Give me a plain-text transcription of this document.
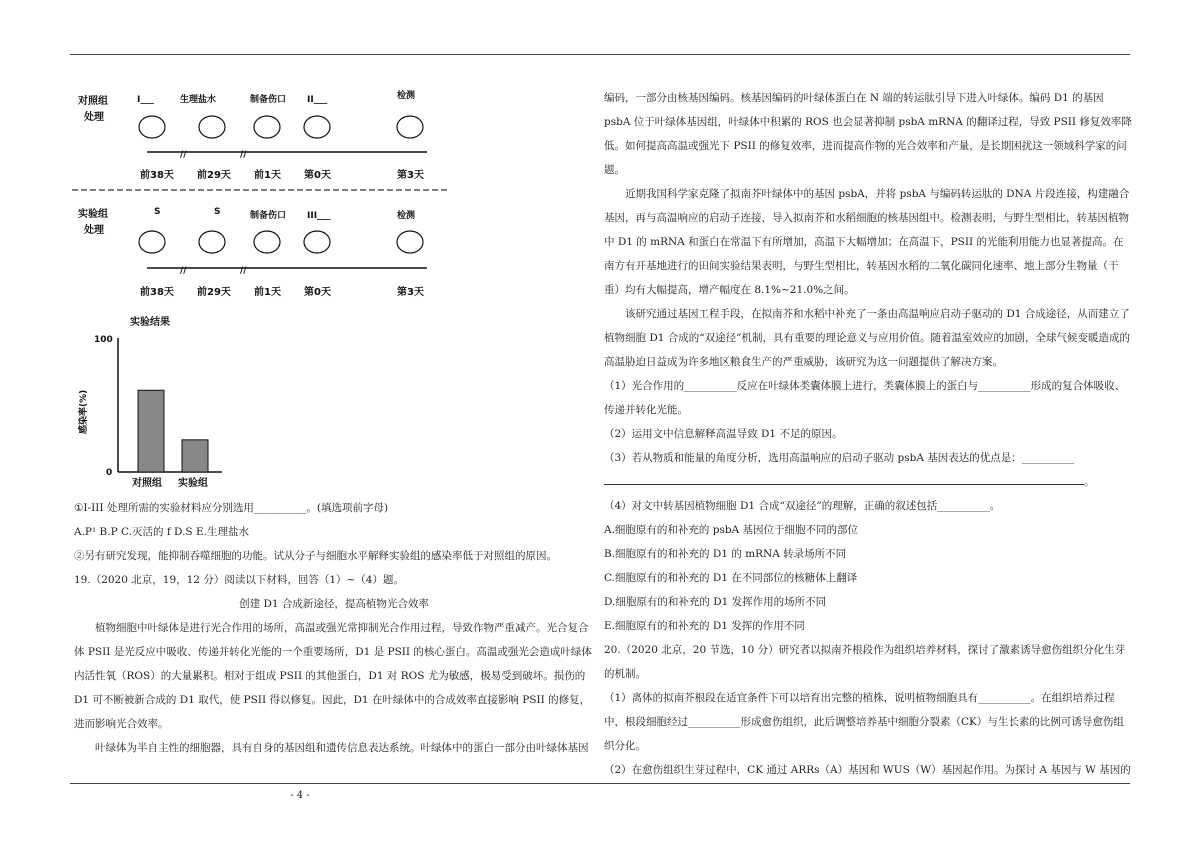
对照组
处理
//	//
I___	生理盐水	制备伤口 II___	检测
前38天 前29天 前1天 第0天	第3天
实验组
处理
//	//
S	S	制备伤口 III___	检测
前38天 前29天 前1天 第0天	第3天
实验结果
100
0
感染率(%)
对照组 实验组

①I-III 处理所需的实验材料应分别选用__________。(填选项前字母)

A.P¹ B.P C.灭活的 f D.S E.生理盐水

②另有研究发现，能抑制吞噬细胞的功能。试从分子与细胞水平解释实验组的感染率低于对照组的原因。

19.（2020 北京，19，12 分）阅读以下材料，回答（1）~（4）题。

创建 D1 合成新途径，提高植物光合效率

植物细胞中叶绿体是进行光合作用的场所，高温或强光常抑制光合作用过程，导致作物严重减产。光合复合体 PSII 是光反应中吸收、传递并转化光能的一个重要场所，D1 是 PSII 的核心蛋白。高温或强光会造成叶绿体内活性氧（ROS）的大量累积。相对于组成 PSII 的其他蛋白，D1 对 ROS 尤为敏感，极易受到破坏。损伤的 D1 可不断被新合成的 D1 取代，使 PSII 得以修复。因此，D1 在叶绿体中的合成效率直接影响 PSII 的修复，进而影响光合效率。

叶绿体为半自主性的细胞器，具有自身的基因组和遗传信息表达系统。叶绿体中的蛋白一部分由叶绿体基因

编码，一部分由核基因编码。核基因编码的叶绿体蛋白在 N 端的转运肽引导下进入叶绿体。编码 D1 的基因 psbA 位于叶绿体基因组，叶绿体中积累的 ROS 也会显著抑制 psbA mRNA 的翻译过程，导致 PSII 修复效率降低。如何提高高温或强光下 PSII 的修复效率，进而提高作物的光合效率和产量，是长期困扰这一领域科学家的问题。

近期我国科学家克隆了拟南芥叶绿体中的基因 psbA，并将 psbA 与编码转运肽的 DNA 片段连接，构建融合基因，再与高温响应的启动子连接，导入拟南芥和水稻细胞的核基因组中。检测表明，与野生型相比，转基因植物中 D1 的 mRNA 和蛋白在常温下有所增加，高温下大幅增加；在高温下，PSII 的光能利用能力也显著提高。在南方有开基地进行的田间实验结果表明，与野生型相比，转基因水稻的二氧化碳同化速率、地上部分生物量（干重）均有大幅提高，增产幅度在 8.1%~21.0%之间。

该研究通过基因工程手段，在拟南芥和水稻中补充了一条由高温响应启动子驱动的 D1 合成途径，从而建立了植物细胞 D1 合成的“双途径”机制，具有重要的理论意义与应用价值。随着温室效应的加剧，全球气候变暖造成的高温胁迫日益成为许多地区粮食生产的严重威胁，该研究为这一问题提供了解决方案。

（1）光合作用的__________反应在叶绿体类囊体膜上进行，类囊体膜上的蛋白与__________形成的复合体吸收、传递并转化光能。

（2）运用文中信息解释高温导致 D1 不足的原因。

（3）若从物质和能量的角度分析，选用高温响应的启动子驱动 psbA 基因表达的优点是：__________

。

（4）对文中转基因植物细胞 D1 合成“双途径”的理解，正确的叙述包括__________。

A.细胞原有的和补充的 psbA 基因位于细胞不同的部位

B.细胞原有的和补充的 D1 的 mRNA 转录场所不同

C.细胞原有的和补充的 D1 在不同部位的核糖体上翻译

D.细胞原有的和补充的 D1 发挥作用的场所不同

E.细胞原有的和补充的 D1 发挥的作用不同

20.（2020 北京，20 节选，10 分）研究者以拟南芥根段作为组织培养材料，探讨了激素诱导愈伤组织分化生芽的机制。

（1）离体的拟南芥根段在适宜条件下可以培育出完整的植株，说明植物细胞具有__________。在组织培养过程中，根段细胞经过__________形成愈伤组织，此后调整培养基中细胞分裂素（CK）与生长素的比例可诱导愈伤组织分化。

（2）在愈伤组织生芽过程中，CK 通过 ARRs（A）基因和 WUS（W）基因起作用。为探讨 A 基因与 W 基因的

- 4 -
